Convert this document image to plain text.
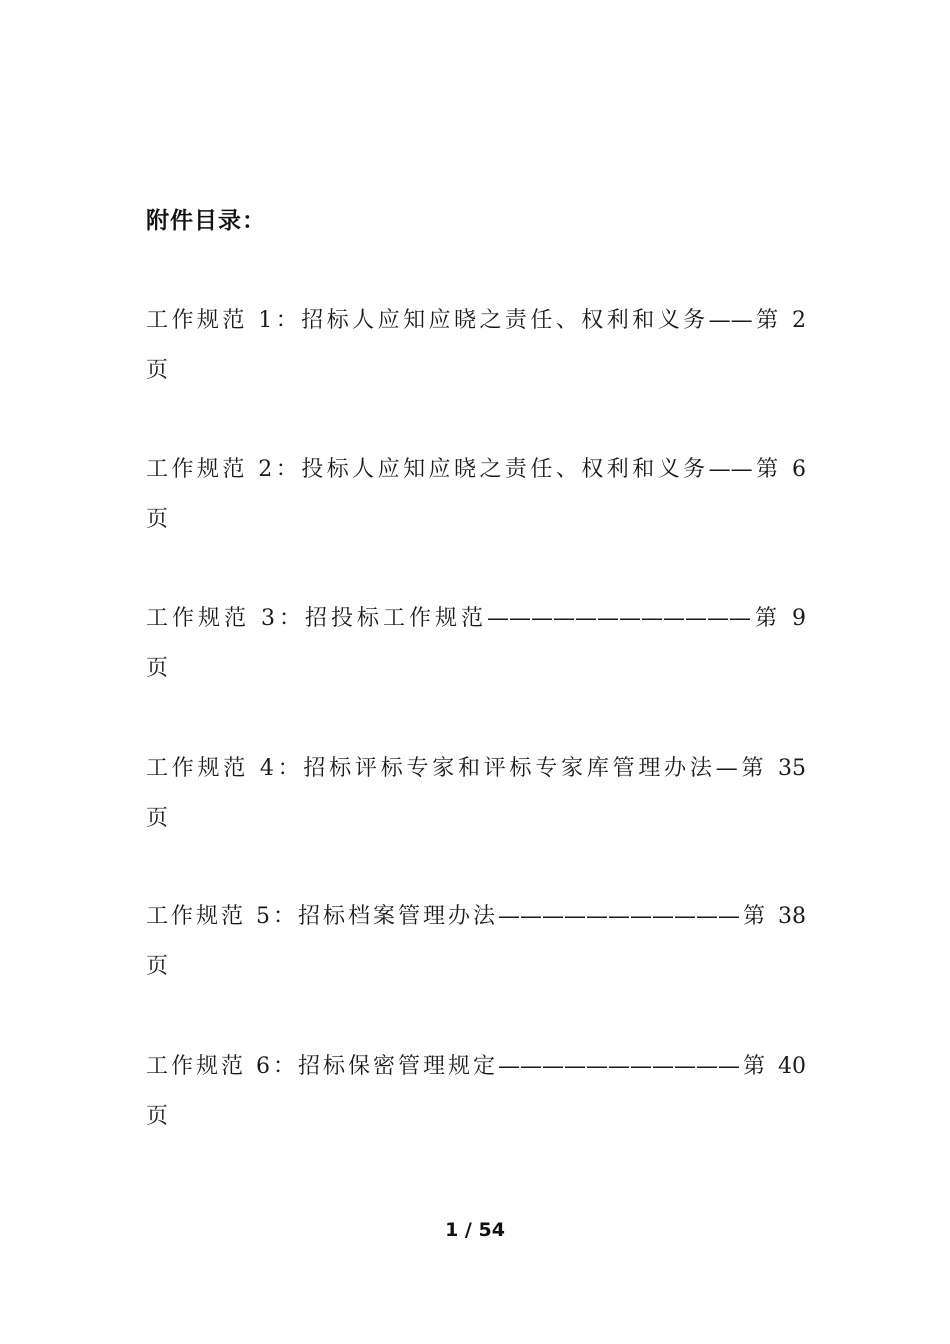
附件目录：
工作规范 1：招标人应知应晓之责任、权利和义务——第 2
页
工作规范 2：投标人应知应晓之责任、权利和义务——第 6
页
工作规范 3：招投标工作规范————————————第 9
页
工作规范 4：招标评标专家和评标专家库管理办法—第 35
页
工作规范 5：招标档案管理办法———————————第 38
页
工作规范 6：招标保密管理规定———————————第 40
页
1 / 54
